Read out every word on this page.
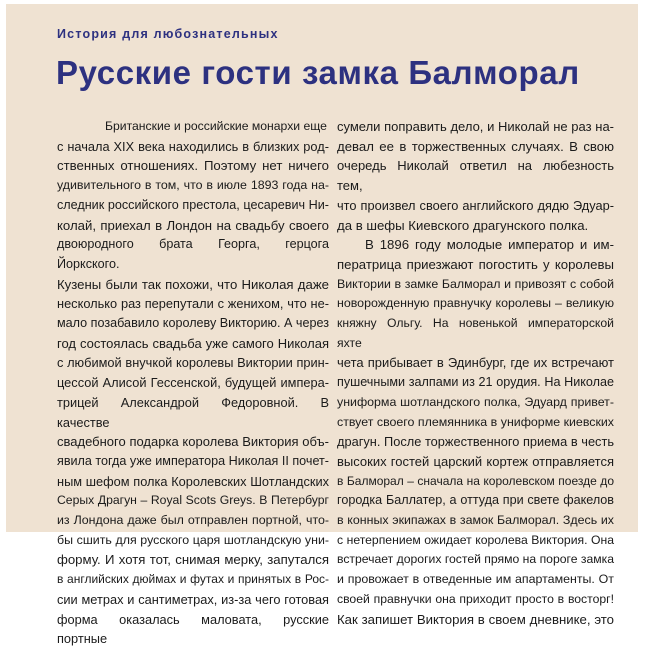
История для любознательных
Русские гости замка Балморал
Британские и российские монархи еще
с начала XIX века находились в близких род-
ственных отношениях. Поэтому нет ничего
удивительного в том, что в июле 1893 года на-
следник российского престола, цесаревич Ни-
колай, приехал в Лондон на свадьбу своего
двоюродного брата Георга, герцога Йоркского.
Кузены были так похожи, что Николая даже
несколько раз перепутали с женихом, что не-
мало позабавило королеву Викторию. А через
год состоялась свадьба уже самого Николая
с любимой внучкой королевы Виктории прин-
цессой Алисой Гессенской, будущей импера-
трицей Александрой Федоровной. В качестве
свадебного подарка королева Виктория объ-
явила тогда уже императора Николая II почет-
ным шефом полка Королевских Шотландских
Серых Драгун – Royal Scots Greys. В Петербург
из Лондона даже был отправлен портной, что-
бы сшить для русского царя шотландскую уни-
форму. И хотя тот, снимая мерку, запутался
в английских дюймах и футах и принятых в Рос-
сии метрах и сантиметрах, из-за чего готовая
форма оказалась маловата, русские портные
сумели поправить дело, и Николай не раз на-
девал ее в торжественных случаях. В свою
очередь Николай ответил на любезность тем,
что произвел своего английского дядю Эдуар-
да в шефы Киевского драгунского полка.
В 1896 году молодые император и им-
ператрица приезжают погостить у королевы
Виктории в замке Балморал и привозят с собой
новорожденную правнучку королевы – великую
княжну Ольгу. На новенькой императорской яхте
чета прибывает в Эдинбург, где их встречают
пушечными залпами из 21 орудия. На Николае
униформа шотландского полка, Эдуард привет-
ствует своего племянника в униформе киевских
драгун. После торжественного приема в честь
высоких гостей царский кортеж отправляется
в Балморал – сначала на королевском поезде до
городка Баллатер, а оттуда при свете факелов
в конных экипажах в замок Балморал. Здесь их
с нетерпением ожидает королева Виктория. Она
встречает дорогих гостей прямо на пороге замка
и провожает в отведенные им апартаменты. От
своей правнучки она приходит просто в восторг!
Как запишет Виктория в своем дневнике, это
